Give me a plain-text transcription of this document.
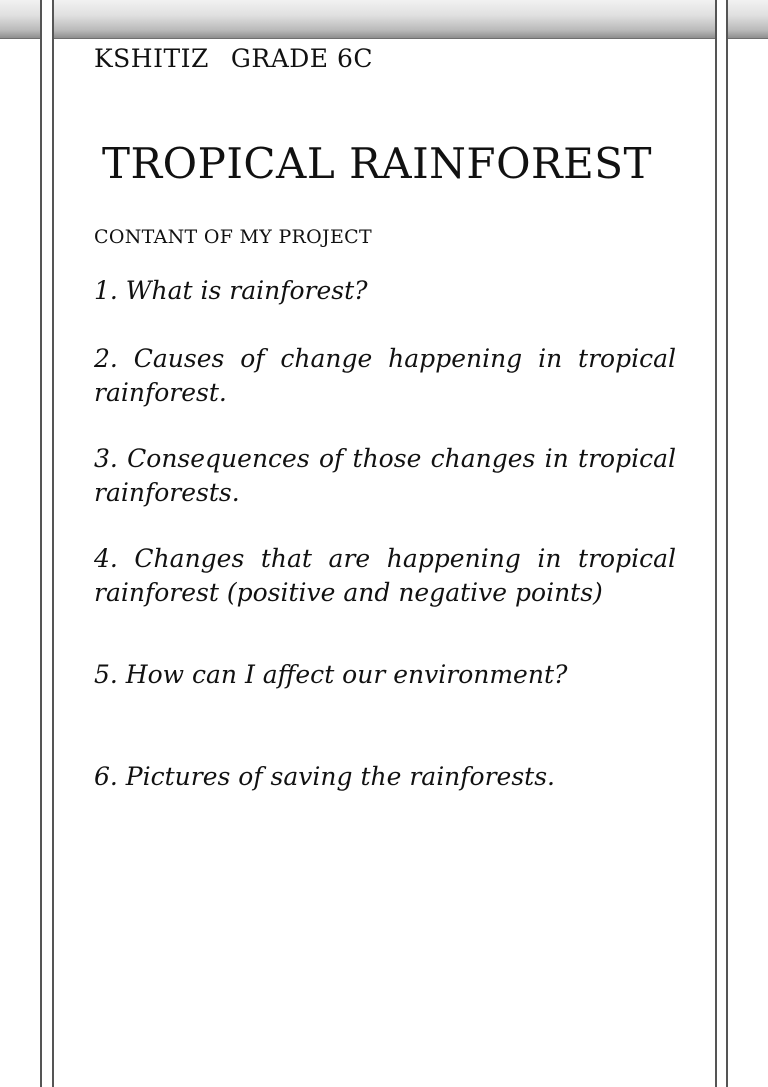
KSHITIZ GRADE 6C

TROPICAL RAINFOREST
CONTANT OF MY PROJECT
1. What is rainforest?
2. Causes of change happening in tropical rainforest.
3. Consequences of those changes in tropical rainforests.
4. Changes that are happening in tropical rainforest (positive and negative points)
5. How can I affect our environment?
6. Pictures of saving the rainforests.
